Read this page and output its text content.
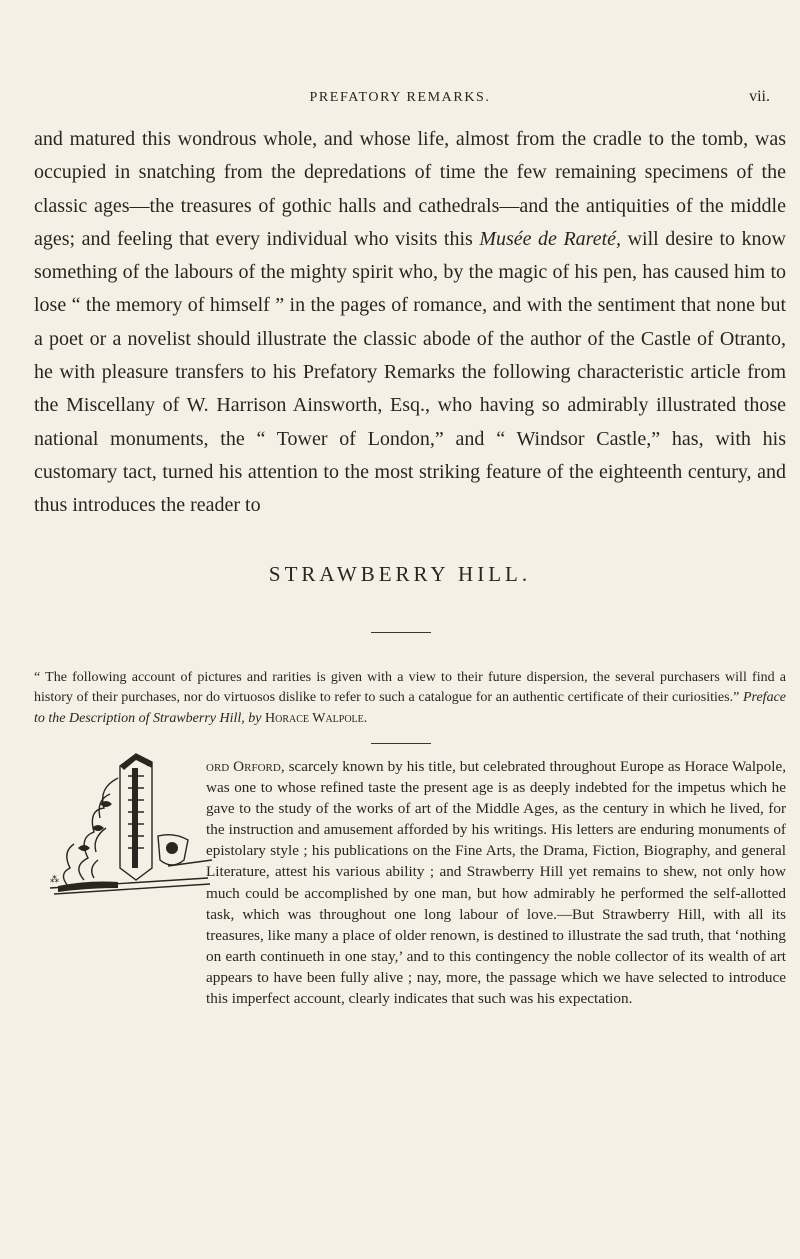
PREFATORY REMARKS.	vii.

and matured this wondrous whole, and whose life, almost from the cradle to the tomb, was occupied in snatching from the depredations of time the few remaining specimens of the classic ages—the treasures of gothic halls and cathedrals—and the antiquities of the middle ages; and feeling that every individual who visits this Musée de Rareté, will desire to know something of the labours of the mighty spirit who, by the magic of his pen, has caused him to lose “ the memory of himself ” in the pages of romance, and with the sentiment that none but a poet or a novelist should illustrate the classic abode of the author of the Castle of Otranto, he with pleasure transfers to his Prefatory Remarks the following characteristic article from the Miscellany of W. Harrison Ainsworth, Esq., who having so admirably illustrated those national monuments, the “ Tower of London,” and “ Windsor Castle,” has, with his customary tact, turned his attention to the most striking feature of the eighteenth century, and thus introduces the reader to

STRAWBERRY HILL.

“ The following account of pictures and rarities is given with a view to their future dispersion, the several purchasers will find a history of their purchases, nor do virtuosos dislike to refer to such a catalogue for an authentic certificate of their curiosities.” Preface to the Description of Strawberry Hill, by Horace Walpole.

⁂

ord Orford, scarcely known by his title, but celebrated throughout Europe as Horace Walpole, was one to whose refined taste the present age is as deeply indebted for the impetus which he gave to the study of the works of art of the Middle Ages, as the century in which he lived, for the instruction and amusement afforded by his writings. His letters are enduring monuments of epistolary style ; his publications on the Fine Arts, the Drama, Fiction, Biography, and general Literature, attest his various ability ; and Strawberry Hill yet remains to shew, not only how much could be accomplished by one man, but how admirably he performed the self-allotted task, which was throughout one long labour of love.—But Strawberry Hill, with all its treasures, like many a place of older renown, is destined to illustrate the sad truth, that ‘nothing on earth continueth in one stay,’ and to this contingency the noble collector of its wealth of art appears to have been fully alive ; nay, more, the passage which we have selected to introduce this imperfect account, clearly indicates that such was his expectation.
